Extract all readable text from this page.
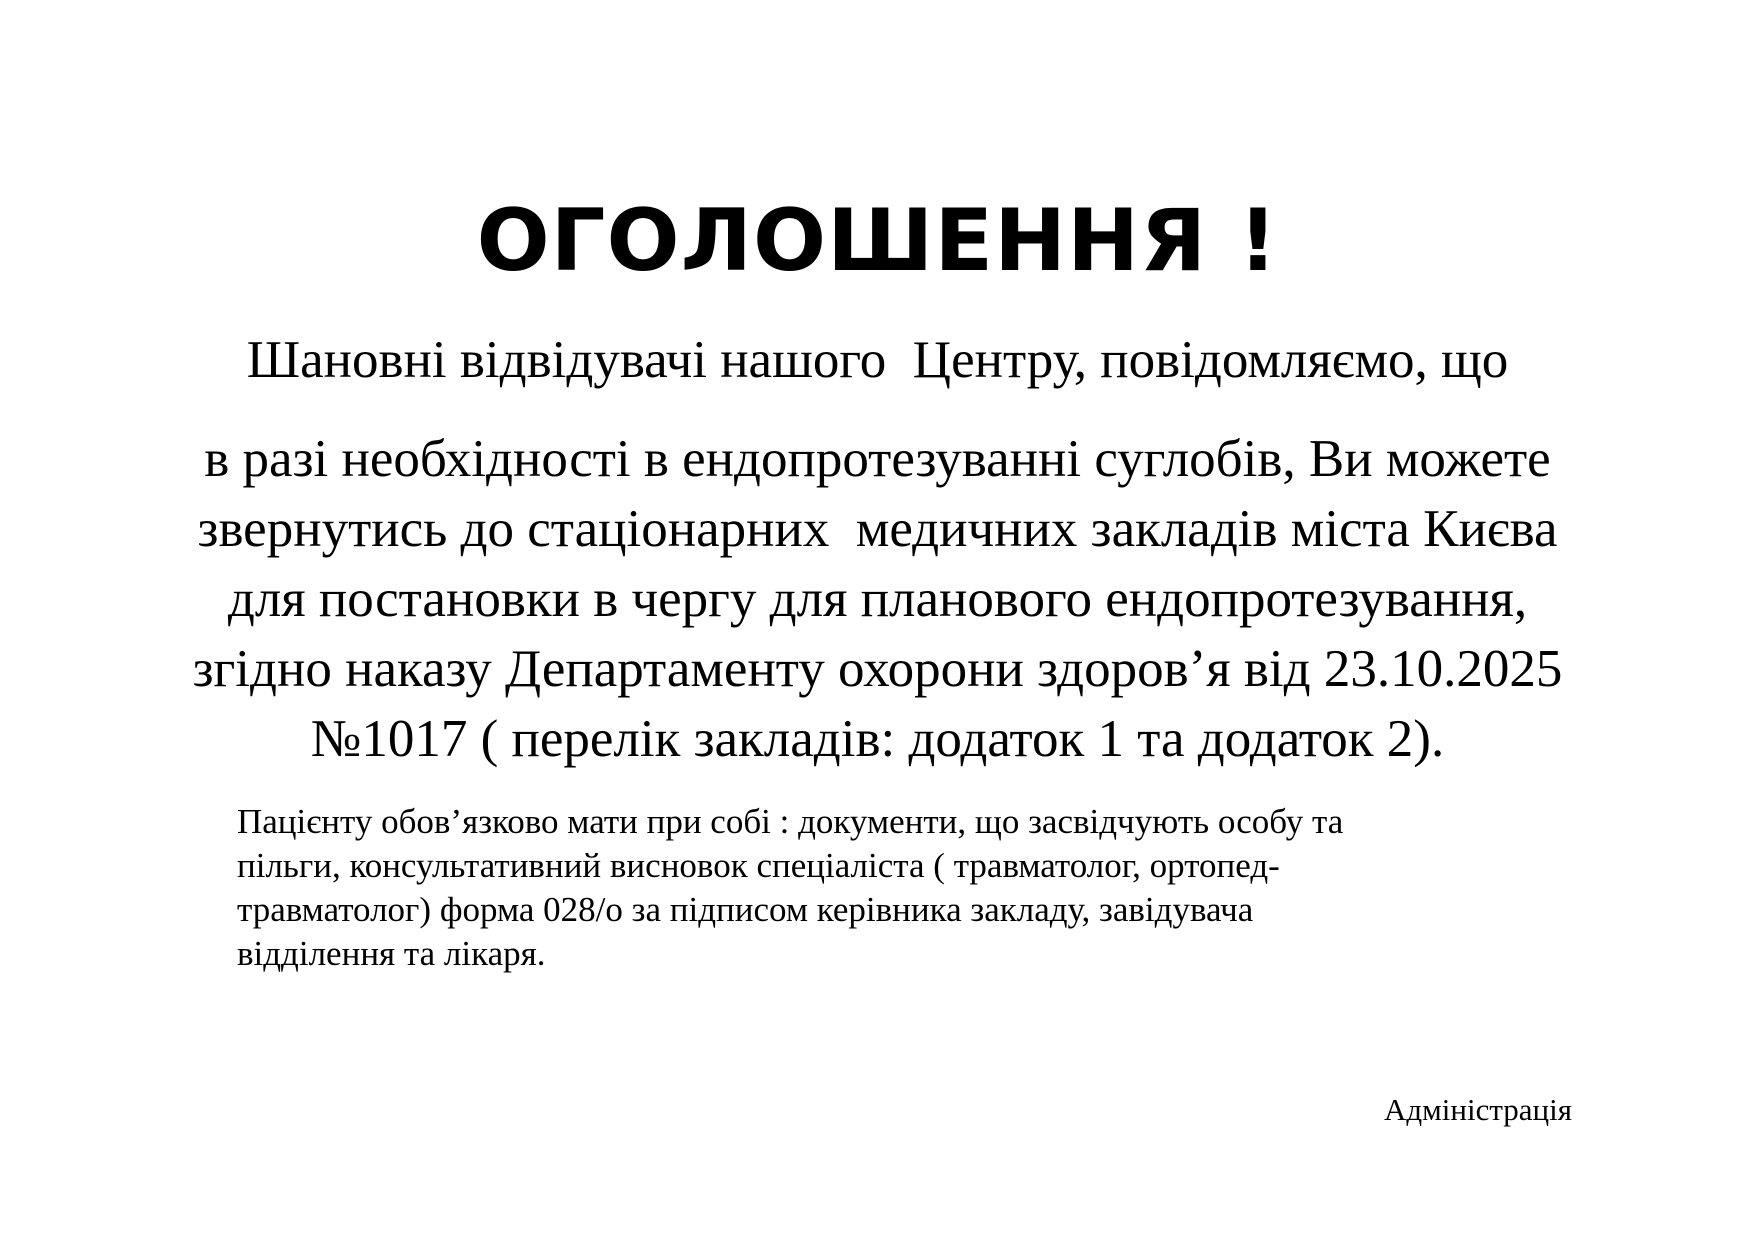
ОГОЛОШЕННЯ !
Шановні відвідувачі нашого  Центру, повідомляємо, що
в разі необхідності в ендопротезуванні суглобів, Ви можете
звернутись до стаціонарних  медичних закладів міста Києва
для постановки в чергу для планового ендопротезування,
згідно наказу Департаменту охорони здоров’я від 23.10.2025
№1017 ( перелік закладів: додаток 1 та додаток 2).
Пацієнту обов’язково мати при собі : документи, що засвідчують особу та
пільги, консультативний висновок спеціаліста ( травматолог, ортопед-
травматолог) форма 028/о за підписом керівника закладу, завідувача
відділення та лікаря.
Адміністрація
